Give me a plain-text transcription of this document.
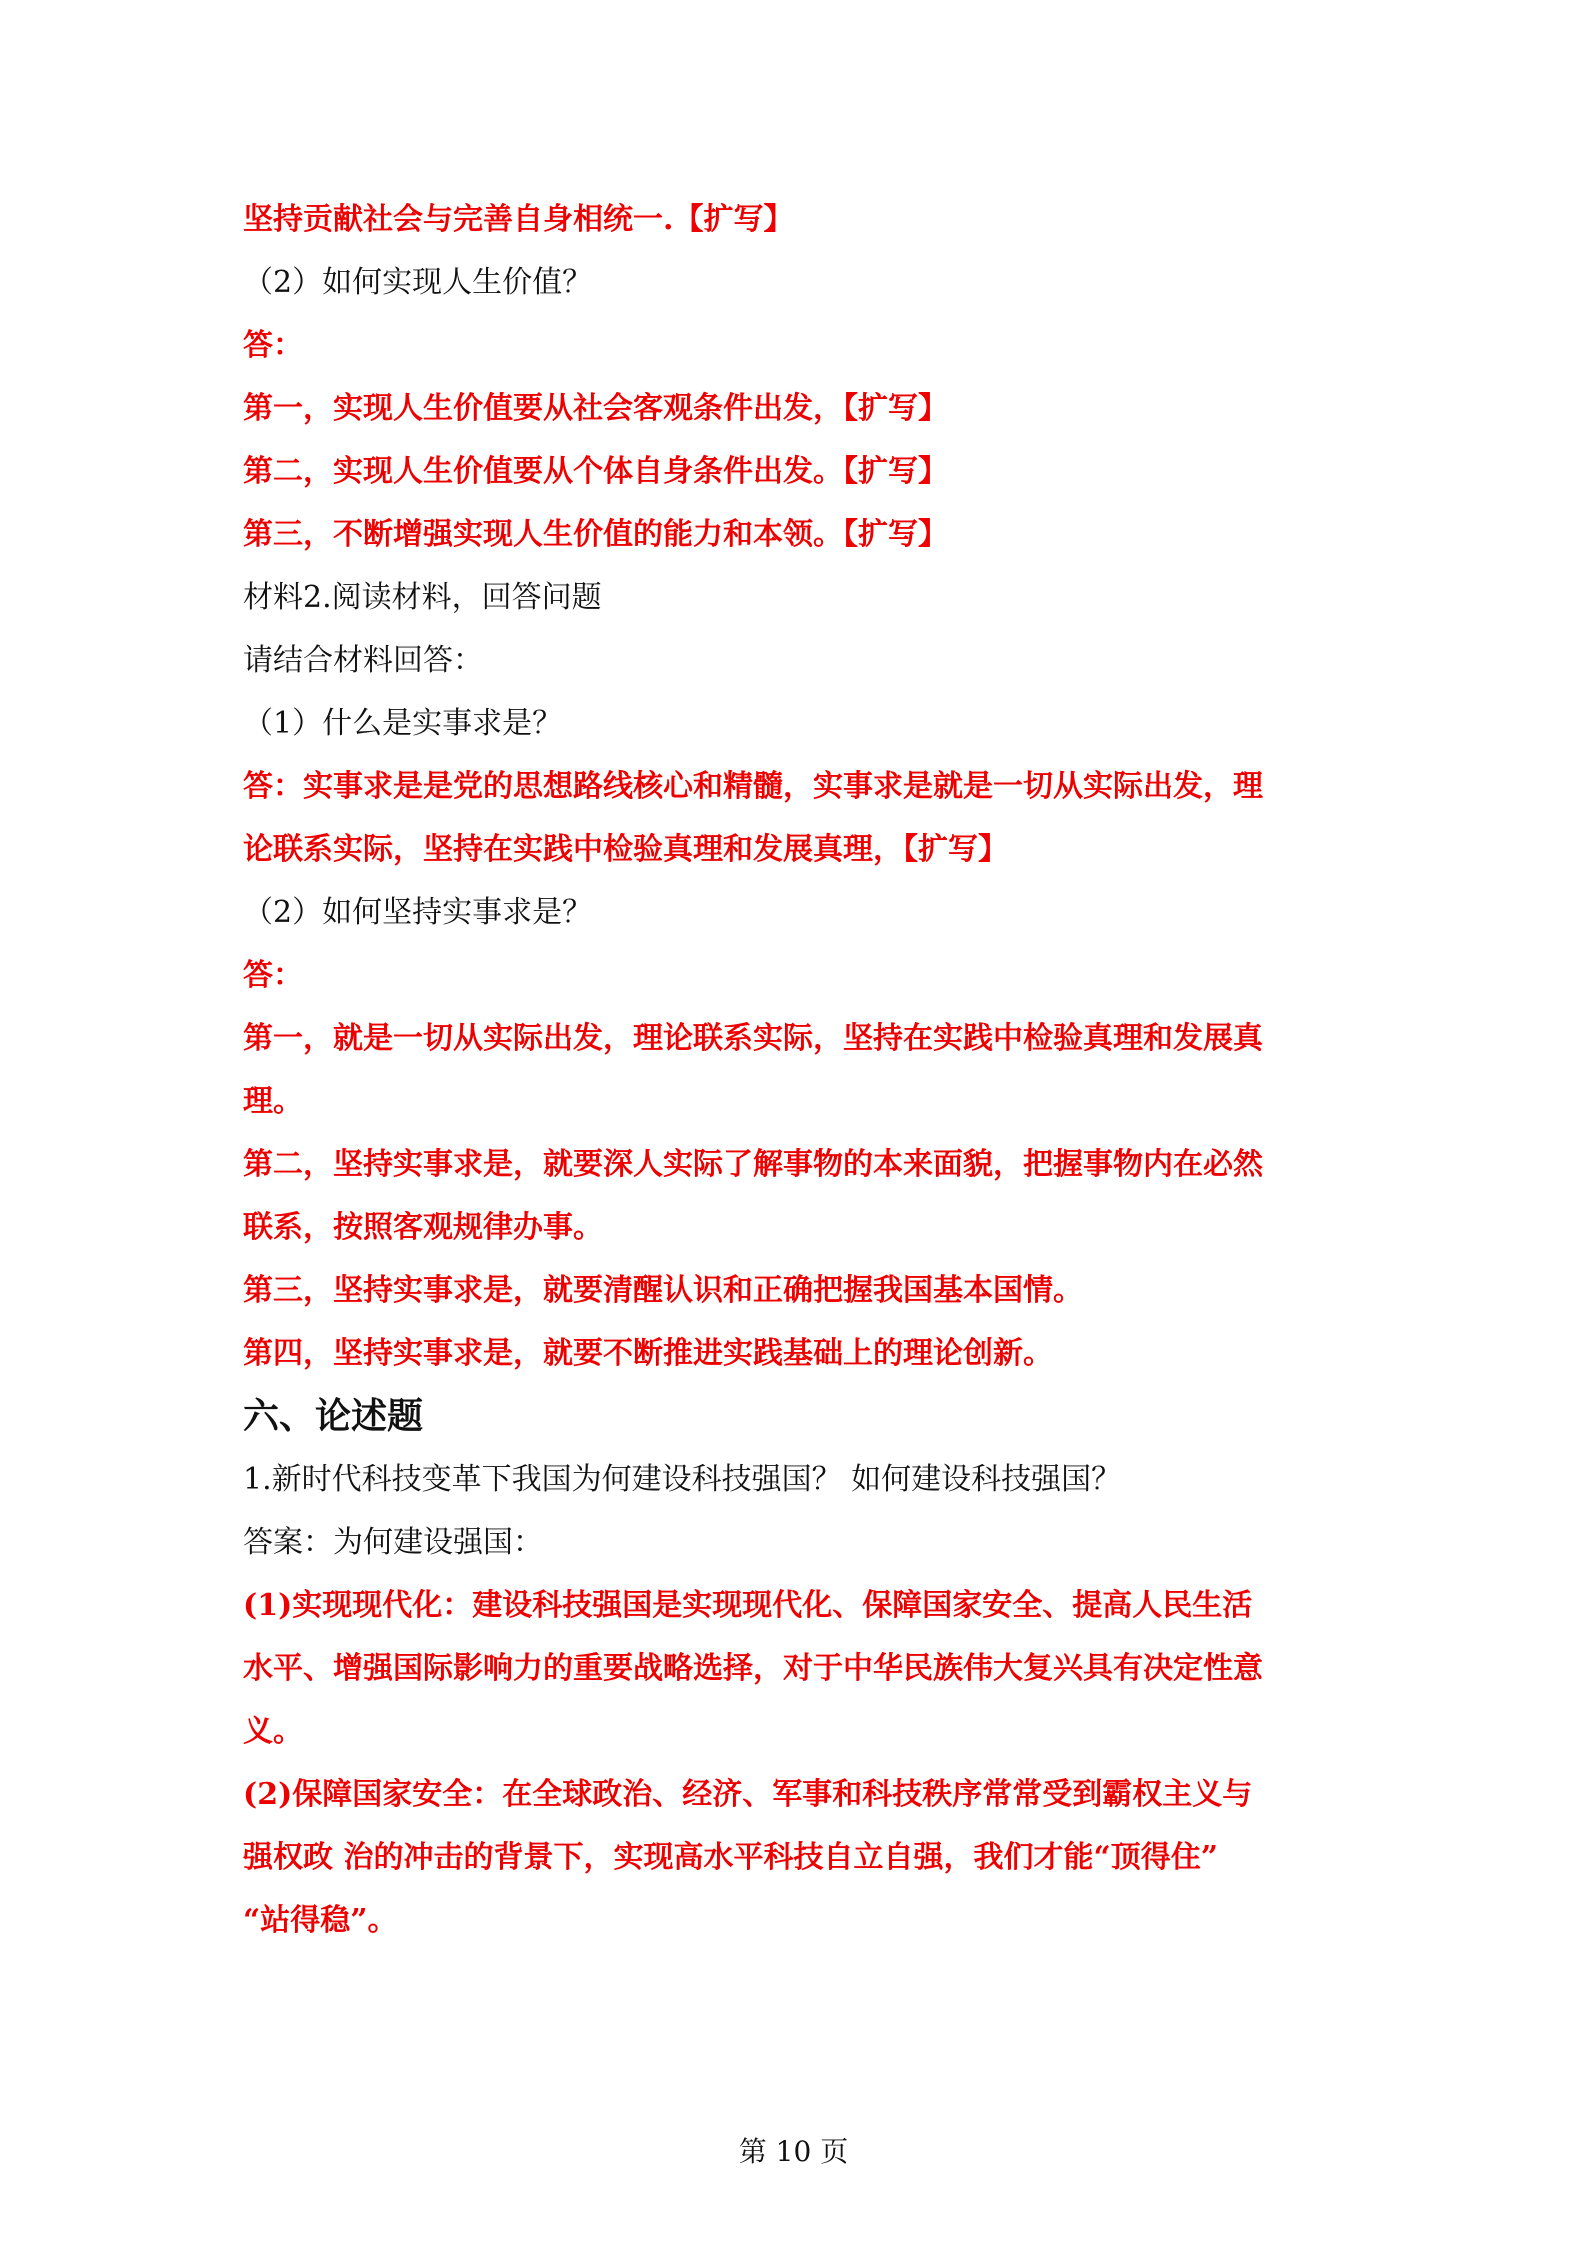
坚持贡献社会与完善自身相统一.【扩写】
（2）如何实现人生价值？
答：
第一，实现人生价值要从社会客观条件出发，【扩写】
第二，实现人生价值要从个体自身条件出发。【扩写】
第三，不断增强实现人生价值的能力和本领。【扩写】
材料2.阅读材料，回答问题
请结合材料回答：
（1）什么是实事求是？
答：实事求是是党的思想路线核心和精髓，实事求是就是一切从实际出发，理
论联系实际，坚持在实践中检验真理和发展真理，【扩写】
（2）如何坚持实事求是？
答：
第一，就是一切从实际出发，理论联系实际，坚持在实践中检验真理和发展真
理。
第二，坚持实事求是，就要深人实际了解事物的本来面貌，把握事物内在必然
联系，按照客观规律办事。
第三，坚持实事求是，就要清醒认识和正确把握我国基本国情。
第四，坚持实事求是，就要不断推进实践基础上的理论创新。
六、论述题
1.新时代科技变革下我国为何建设科技强国？ 如何建设科技强国？
答案：为何建设强国：
(1)实现现代化：建设科技强国是实现现代化、保障国家安全、提高人民生活
水平、增强国际影响力的重要战略选择，对于中华民族伟大复兴具有决定性意
义。
(2)保障国家安全：在全球政治、经济、军事和科技秩序常常受到霸权主义与
强权政 治的冲击的背景下，实现高水平科技自立自强，我们才能“顶得住”
“站得稳”。
第 10 页
